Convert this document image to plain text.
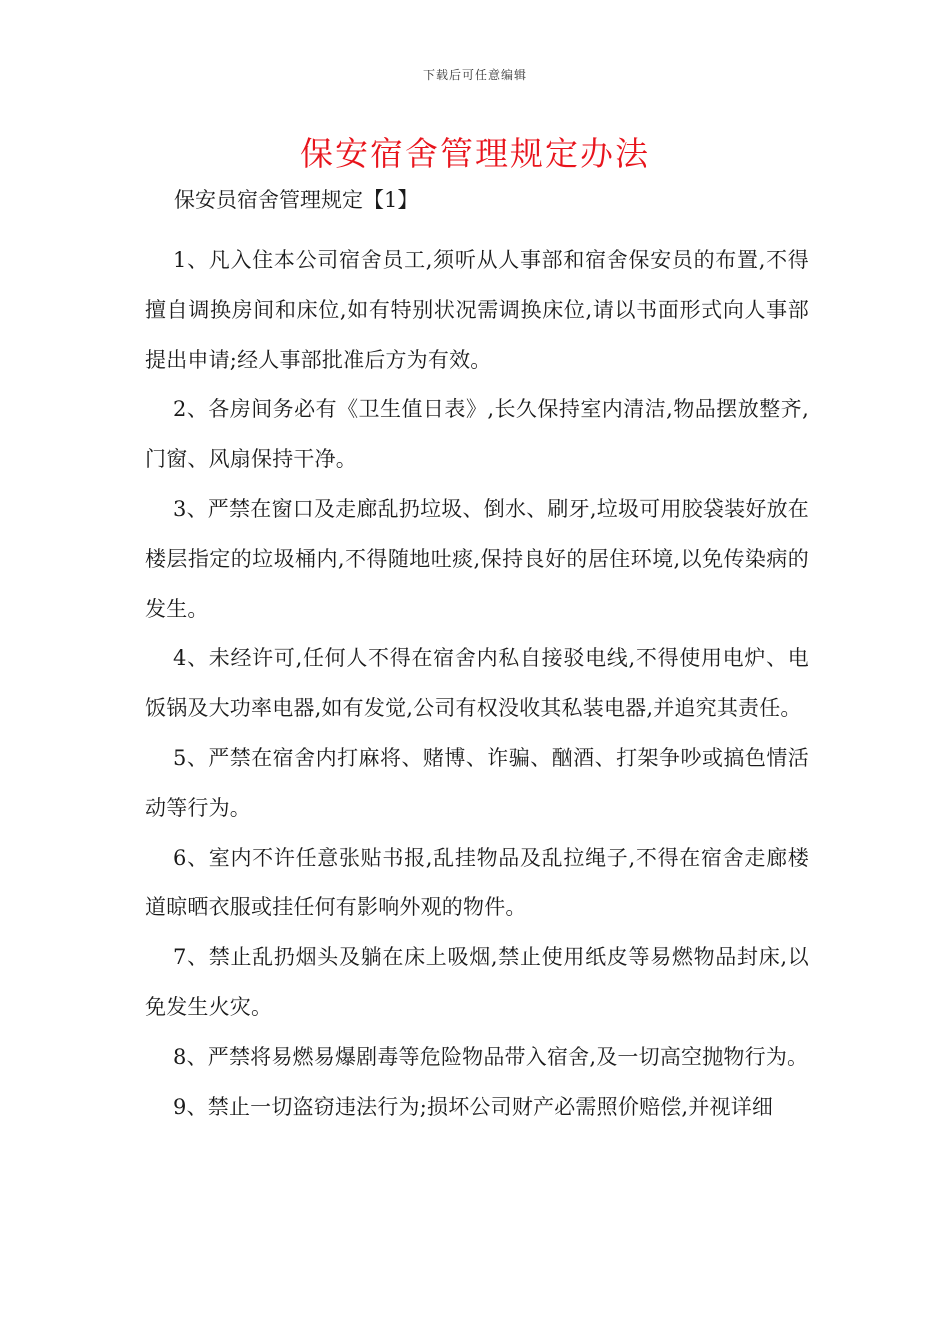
下载后可任意编辑
保安宿舍管理规定办法
保安员宿舍管理规定【1】

1、凡入住本公司宿舍员工,须听从人事部和宿舍保安员的布置,不得擅自调换房间和床位,如有特别状况需调换床位,请以书面形式向人事部提出申请;经人事部批准后方为有效。

2、各房间务必有《卫生值日表》,长久保持室内清洁,物品摆放整齐,门窗、风扇保持干净。

3、严禁在窗口及走廊乱扔垃圾、倒水、刷牙,垃圾可用胶袋装好放在楼层指定的垃圾桶内,不得随地吐痰,保持良好的居住环境,以免传染病的发生。

4、未经许可,任何人不得在宿舍内私自接驳电线,不得使用电炉、电饭锅及大功率电器,如有发觉,公司有权没收其私装电器,并追究其责任。

5、严禁在宿舍内打麻将、赌博、诈骗、酗酒、打架争吵或搞色情活动等行为。

6、室内不许任意张贴书报,乱挂物品及乱拉绳子,不得在宿舍走廊楼道晾晒衣服或挂任何有影响外观的物件。

7、禁止乱扔烟头及躺在床上吸烟,禁止使用纸皮等易燃物品封床,以免发生火灾。

8、严禁将易燃易爆剧毒等危险物品带入宿舍,及一切高空抛物行为。

9、禁止一切盗窃违法行为;损坏公司财产必需照价赔偿,并视详细
